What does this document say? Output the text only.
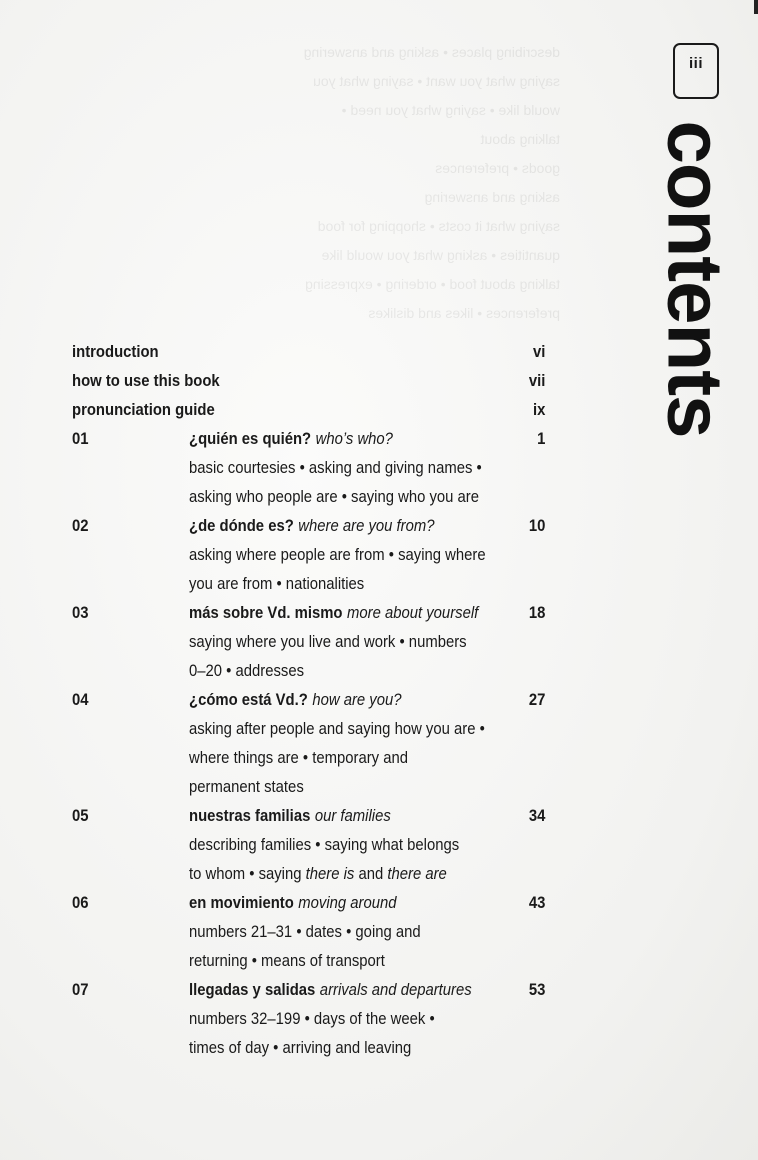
describing places • asking and answering
saying what you want • saying what you
would like • saying what you need •
talking about
goods • preferences
asking and answering
saying what it costs • shopping for food
quantities • asking what you would like
talking about food • ordering • expressing
preferences • likes and dislikes
iii
contents
introduction	vi
how to use this book	vii
pronunciation guide	ix
01	¿quién es quién? who’s who?	1
basic courtesies • asking and giving names •
asking who people are • saying who you are
02	¿de dónde es? where are you from?	10
asking where people are from • saying where
you are from • nationalities
03	más sobre Vd. mismo more about yourself	18
saying where you live and work • numbers
0–20 • addresses
04	¿cómo está Vd.? how are you?	27
asking after people and saying how you are •
where things are • temporary and
permanent states
05	nuestras familias our families	34
describing families • saying what belongs
to whom • saying there is and there are
06	en movimiento moving around	43
numbers 21–31 • dates • going and
returning • means of transport
07	llegadas y salidas arrivals and departures	53
numbers 32–199 • days of the week •
times of day • arriving and leaving
